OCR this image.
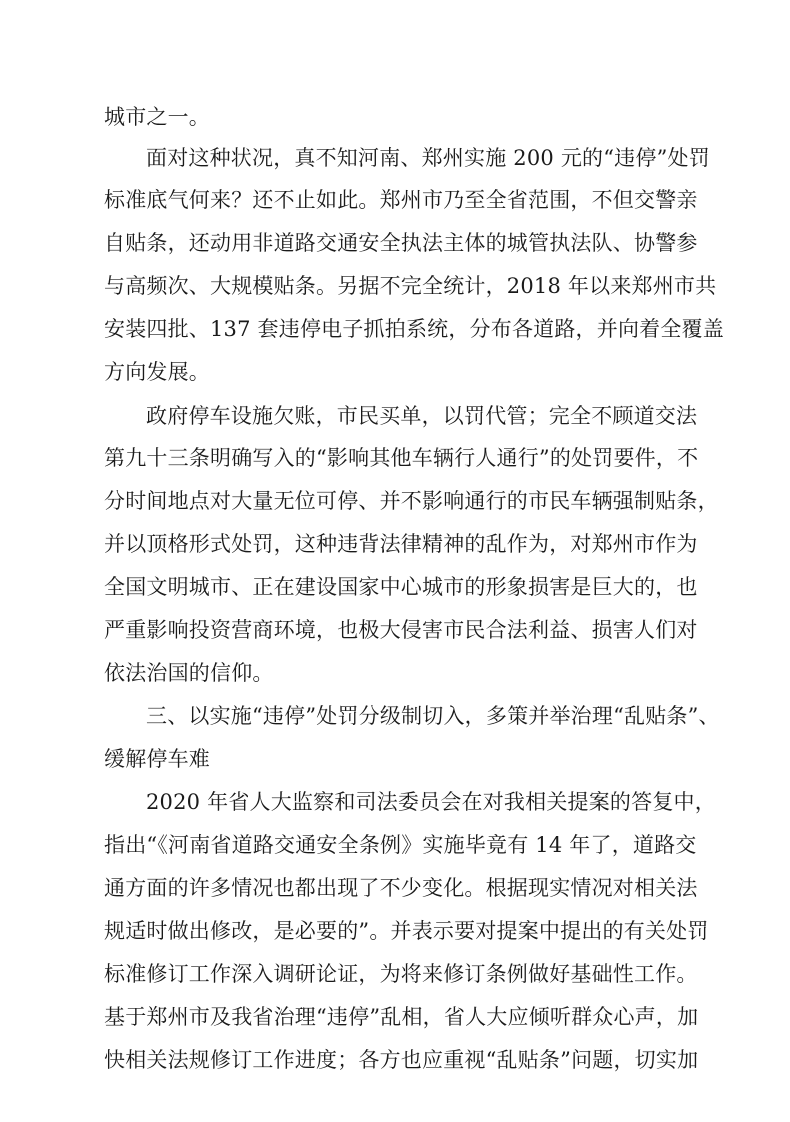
城市之一。
面对这种状况，真不知河南、郑州实施 200 元的“违停”处罚
标准底气何来？还不止如此。郑州市乃至全省范围，不但交警亲
自贴条，还动用非道路交通安全执法主体的城管执法队、协警参
与高频次、大规模贴条。另据不完全统计，2018 年以来郑州市共
安装四批、137 套违停电子抓拍系统，分布各道路，并向着全覆盖
方向发展。
政府停车设施欠账，市民买单，以罚代管；完全不顾道交法
第九十三条明确写入的“影响其他车辆行人通行”的处罚要件，不
分时间地点对大量无位可停、并不影响通行的市民车辆强制贴条，
并以顶格形式处罚，这种违背法律精神的乱作为，对郑州市作为
全国文明城市、正在建设国家中心城市的形象损害是巨大的，也
严重影响投资营商环境，也极大侵害市民合法利益、损害人们对
依法治国的信仰。
三、以实施“违停”处罚分级制切入，多策并举治理“乱贴条”、
缓解停车难
2020 年省人大监察和司法委员会在对我相关提案的答复中，
指出“《河南省道路交通安全条例》实施毕竟有 14 年了，道路交
通方面的许多情况也都出现了不少变化。根据现实情况对相关法
规适时做出修改，是必要的”。并表示要对提案中提出的有关处罚
标准修订工作深入调研论证，为将来修订条例做好基础性工作。
基于郑州市及我省治理“违停”乱相，省人大应倾听群众心声，加
快相关法规修订工作进度；各方也应重视“乱贴条”问题，切实加
